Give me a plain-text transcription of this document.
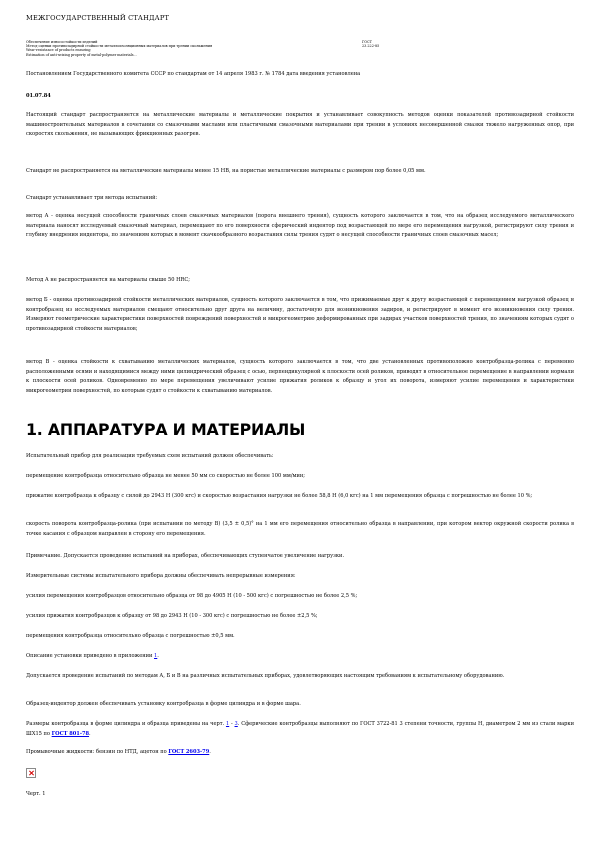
МЕЖГОСУДАРСТВЕННЫЙ СТАНДАРТ
Обеспечение износостойкости изделий
Метод оценки противозадирной стойкости металлоизоляционных материалов при трении скольжения
Wear-resistance of products ensuring
Estimation of anti-seizing property of metal-polymer materials...
ГОСТ
23.222-85

Постановлением Государственного комитета СССР по стандартам от 14 апреля 1983 г. № 1784 дата введения установлена

01.07.84

Настоящий стандарт распространяется на металлические материалы и металлические покрытия и устанавливает совокупность методов оценки показателей противозадирной стойкости машиностроительных материалов в сочетании со смазочными маслами или пластичными смазочными материалами при трении в условиях несовершенной смазки тяжело нагруженных опор, при скоростях скольжения, не вызывающих фрикционных разогрев.

Стандарт не распространяется на металлические материалы менее 15 HB, на пористые металлические материалы с размером пор более 0,05 мм.

Стандарт устанавливает три метода испытаний:

метод А - оценка несущей способности граничных слоев смазочных материалов (порога внешнего трения), сущность которого заключается в том, что на образец исследуемого металлического материала наносят исследуемый смазочный материал, перемещают по его поверхности сферический индентор под возрастающей по мере его перемещения нагрузкой, регистрируют силу трения и глубину внедрения индентора, по значениям которых в момент скачкообразного возрастания силы трения судят о несущей способности граничных слоев смазочных масел;

Метод А не распространяется на материалы свыше 50 HRC;

метод Б - оценка противозадирной стойкости металлических материалов, сущность которого заключается в том, что прижимаемые друг к другу возрастающей с перемещением нагрузкой образец и контробразец из исследуемых материалов смещают относительно друг друга на величину, достаточную для возникновения задиров, и регистрируют в момент его возникновения силу трения. Измеряют геометрические характеристики поверхностей повреждений поверхностей и микрогеометрию деформированных при задирах участков поверхностей трения, по значениям которых судят о противозадирной стойкости материалов;

метод В - оценка стойкости к схватыванию металлических материалов, сущность которого заключается в том, что две установленных противоположно контробразца-ролика с переменно расположенными осями и находящимися между ними цилиндрический образец с осью, перпендикулярной к плоскости осей роликов, приводят в относительное перемещение в направлении нормали к плоскости осей роликов. Одновременно по мере перемещения увеличивают усилие прижатия роликов к образцу и угол их поворота, измеряют усилие перемещения и характеристики микрогеометрии поверхностей, по которым судят о стойкости к схватыванию материалов.

1. АППАРАТУРА И МАТЕРИАЛЫ

Испытательный прибор для реализации требуемых схем испытаний должен обеспечивать:

перемещение контробразца относительно образца не менее 50 мм со скоростью не более 100 мм/мин;

прижатие контробразца к образцу с силой до 2943 Н (300 кгс) и скоростью возрастания нагрузки не более 58,8 Н (6,0 кгс) на 1 мм перемещения образца с погрешностью не более 10 %;

скорость поворота контробразца-ролика (при испытании по методу В) (3,5 ± 0,5)° на 1 мм его перемещения относительно образца в направлении, при котором вектор окружной скорости ролика в точке касания с образцом направлен в сторону его перемещения.

Примечание. Допускается проведение испытаний на приборах, обеспечивающих ступенчатое увеличение нагрузки.

Измерительные системы испытательного прибора должны обеспечивать непрерывные измерения:

усилия перемещения контробразцов относительно образца от 98 до 4905 Н (10 - 500 кгс) с погрешностью не более 2,5 %;

усилия прижатия контробразцов к образцу от 98 до 2943 Н (10 - 300 кгс) с погрешностью не более ±2,5 %;

перемещения контробразца относительно образца с погрешностью ±0,5 мм.

Описание установки приведено в приложении 1.

Допускается проведение испытаний по методам А, Б и В на различных испытательных приборах, удовлетворяющих настоящим требованиям к испытательному оборудованию.

Образец-индентор должен обеспечивать установку контробразца в форме цилиндра и в форме шара.

Размеры контробразца в форме цилиндра и образца приведены на черт. 1 - 3. Сферические контробразцы выполняют по ГОСТ 3722-81 3 степени точности, группы Н, диаметром 2 мм из стали марки ШХ15 по ГОСТ 801-78.

Промывочные жидкости: бензин по НТД, ацетон по ГОСТ 2603-79.

Черт. 1
